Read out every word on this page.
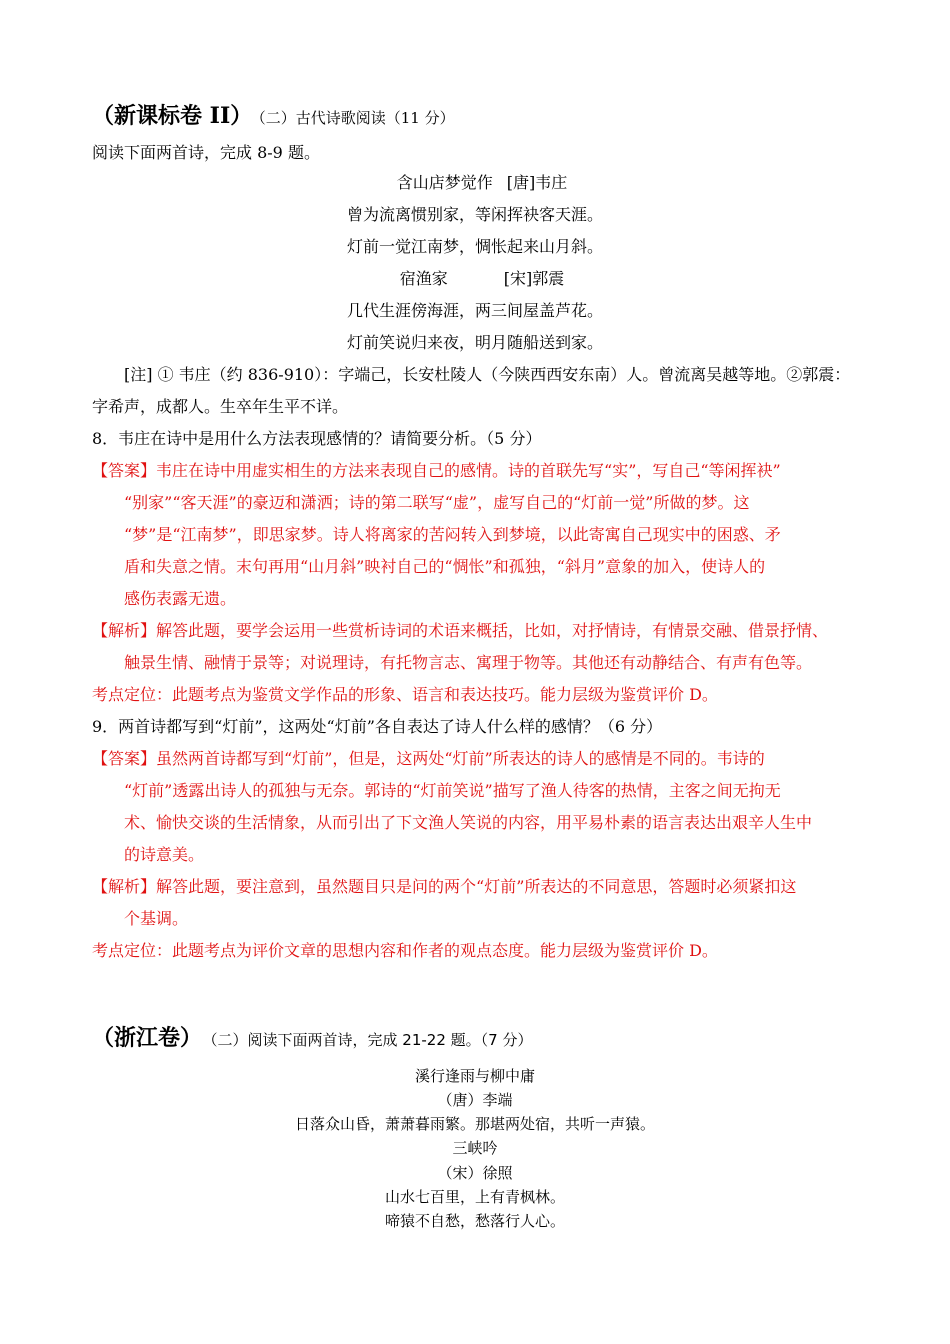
（新课标卷 II） （二）古代诗歌阅读（11 分）
阅读下面两首诗，完成 8-9 题。
含山店梦觉作 [唐]韦庄
曾为流离惯别家，等闲挥袂客天涯。
灯前一觉江南梦，惆怅起来山月斜。
宿渔家	[宋]郭震
几代生涯傍海涯，两三间屋盖芦花。
灯前笑说归来夜，明月随船送到家。
[注] ① 韦庄（约 836-910）：字端己，长安杜陵人（今陕西西安东南）人。曾流离吴越等地。②郭震：
字希声，成都人。生卒年生平不详。
8．韦庄在诗中是用什么方法表现感情的？请简要分析。（5 分）
【答案】韦庄在诗中用虚实相生的方法来表现自己的感情。诗的首联先写“实”，写自己“等闲挥袂”
“别家”“客天涯”的豪迈和潇洒；诗的第二联写“虚”，虚写自己的“灯前一觉”所做的梦。这
“梦”是“江南梦”，即思家梦。诗人将离家的苦闷转入到梦境，以此寄寓自己现实中的困惑、矛
盾和失意之情。末句再用“山月斜”映衬自己的“惆怅”和孤独，“斜月”意象的加入，使诗人的
感伤表露无遗。
【解析】解答此题，要学会运用一些赏析诗词的术语来概括，比如，对抒情诗，有情景交融、借景抒情、
触景生情、融情于景等；对说理诗，有托物言志、寓理于物等。其他还有动静结合、有声有色等。
考点定位：此题考点为鉴赏文学作品的形象、语言和表达技巧。能力层级为鉴赏评价 D。
9．两首诗都写到“灯前”，这两处“灯前”各自表达了诗人什么样的感情？（6 分）
【答案】虽然两首诗都写到“灯前”，但是，这两处“灯前”所表达的诗人的感情是不同的。韦诗的
“灯前”透露出诗人的孤独与无奈。郭诗的“灯前笑说”描写了渔人待客的热情，主客之间无拘无
术、愉快交谈的生活情象，从而引出了下文渔人笑说的内容，用平易朴素的语言表达出艰辛人生中
的诗意美。
【解析】解答此题，要注意到，虽然题目只是问的两个“灯前”所表达的不同意思，答题时必须紧扣这
个基调。
考点定位：此题考点为评价文章的思想内容和作者的观点态度。能力层级为鉴赏评价 D。
（浙江卷） （二）阅读下面两首诗，完成 21-22 题。（7 分）
溪行逢雨与柳中庸
（唐）李端
日落众山昏，萧萧暮雨繁。那堪两处宿，共听一声猿。
三峡吟
（宋）徐照
山水七百里，上有青枫林。
啼猿不自愁，愁落行人心。
